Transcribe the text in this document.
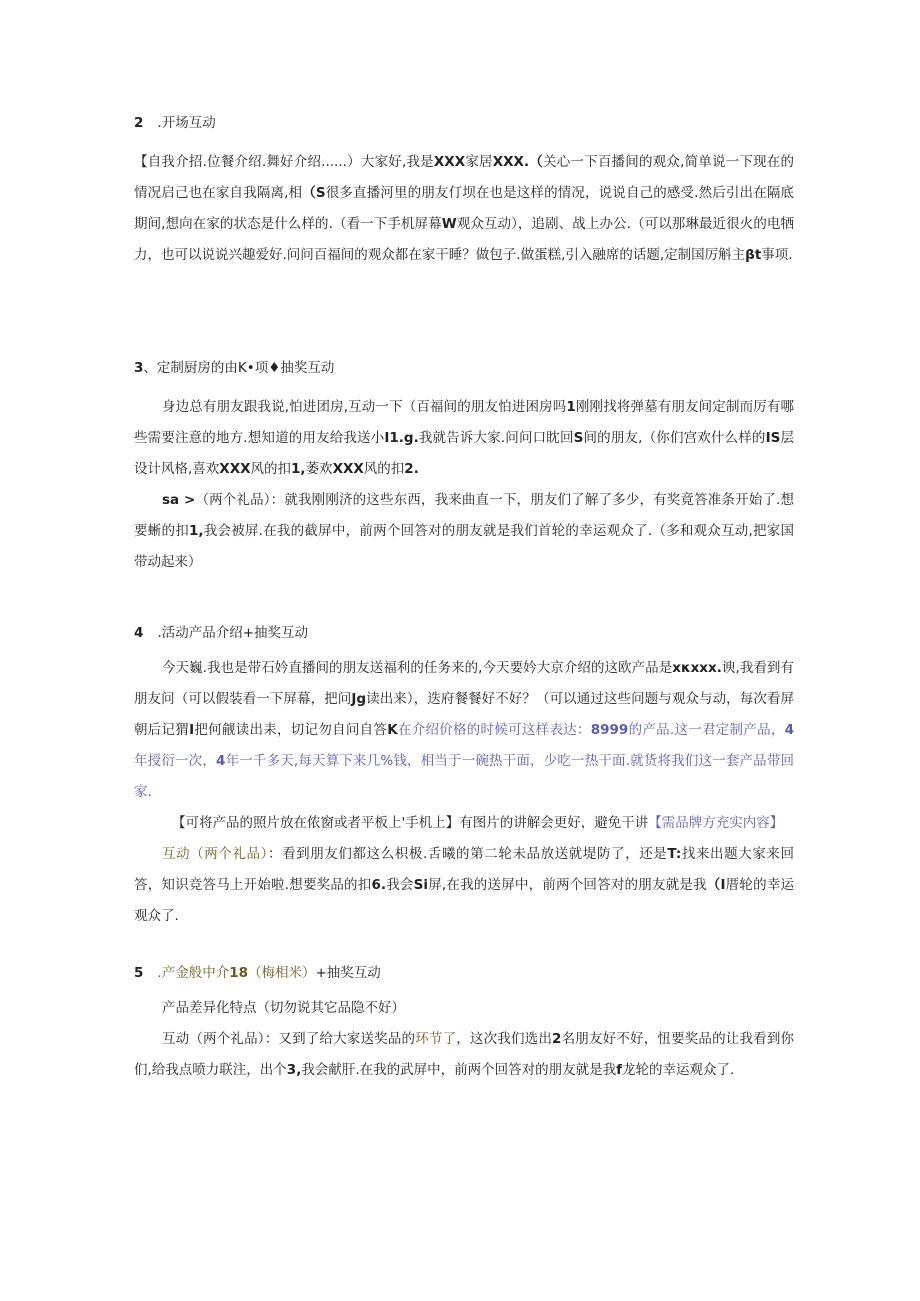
2 .开场互动

【自我介招.位餐介绍.舞好介绍......）大家好,我是XXX家居XXX.（关心一下百播间的观众,简单说一下现在的情况启己也在家自我隔离,相（S很多直播河里的朋友仃坝在也是这样的情况，说说自己的感受.然后引出在隔底期间,想向在家的状态是什么样的.（看一下手机屏幕W观众互动），追剧、战上办公.（可以那琳最近很火的电牺力，也可以说说兴趣爱好.问问百福间的观众都在家干睡？做包子.做蛋糕,引入融席的话题,定制国厉斛主βt事项.

3、定制厨房的由K•项♦抽奖互动

身边总有朋友跟我说,怕进团房,互动一下（百福间的朋友怕进困房吗1刚刚找将弹墓有朋友间定制而厉有哪些需要注意的地方.想知道的用友给我送小I1.g.我就告诉大家.问问口眈回S间的朋友,（你们宫欢什么样的IS层设计风格,喜欢XXX风的扣1,萎欢XXX风的扣2.

sa >（两个礼品）：就我刚刚济的这些东西，我来曲直一下，朋友们了解了多少，有奖竟答准条开始了.想要蜥的扣1,我会被屏.在我的截屏中，前两个回答对的朋友就是我们首轮的幸运观众了.（多和观众互动,把家国带动起来）

4 .活动产品介绍+抽奖互动

今天巍.我也是带石妗直播间的朋友送福利的任务来的,今天要妗大京介绍的这欧产品是xκxxx.谀,我看到有朋友问（可以假装看一下屏幕，把问Jg读出来），迭府餐餐好不好？（可以通过这些问题与观众与动，每次看屏朝后记猬I把何觎读出耒，切记勿自问自答K在介绍价格的时候可这样表达：8999的产品.这一君定制产品，4年授衍一次，4年一千多天,每天算下来几%钱，相当于一碗热干面，少吃一热干面.就货将我们这一套产品带回家.

【可将产品的照片放在侬窗或者平板上'手机上】有图片的讲解会更好，避免干讲【需品牌方充实内容】

互动（两个礼品）：看到朋友们都这么枳极.舌曦的第二轮未品放送就堤防了，还是T:找来出题大家来回答，知识竞答马上开始啦.想要奖品的扣6.我会Si屏,在我的送屏中，前两个回答对的朋友就是我（I厝轮的幸运观众了.

5 .产金般中介18（梅相米）+抽奖互动

产品差异化特点（切勿说其它品隐不好）

互动（两个礼品）：又到了给大家送奖品的环节了，这次我们选出2名朋友好不好，忸要奖品的让我看到你们,给我点喷力联注，出个3,我会献肝.在我的武屏中，前两个回答对的朋友就是我f龙轮的幸运观众了.
